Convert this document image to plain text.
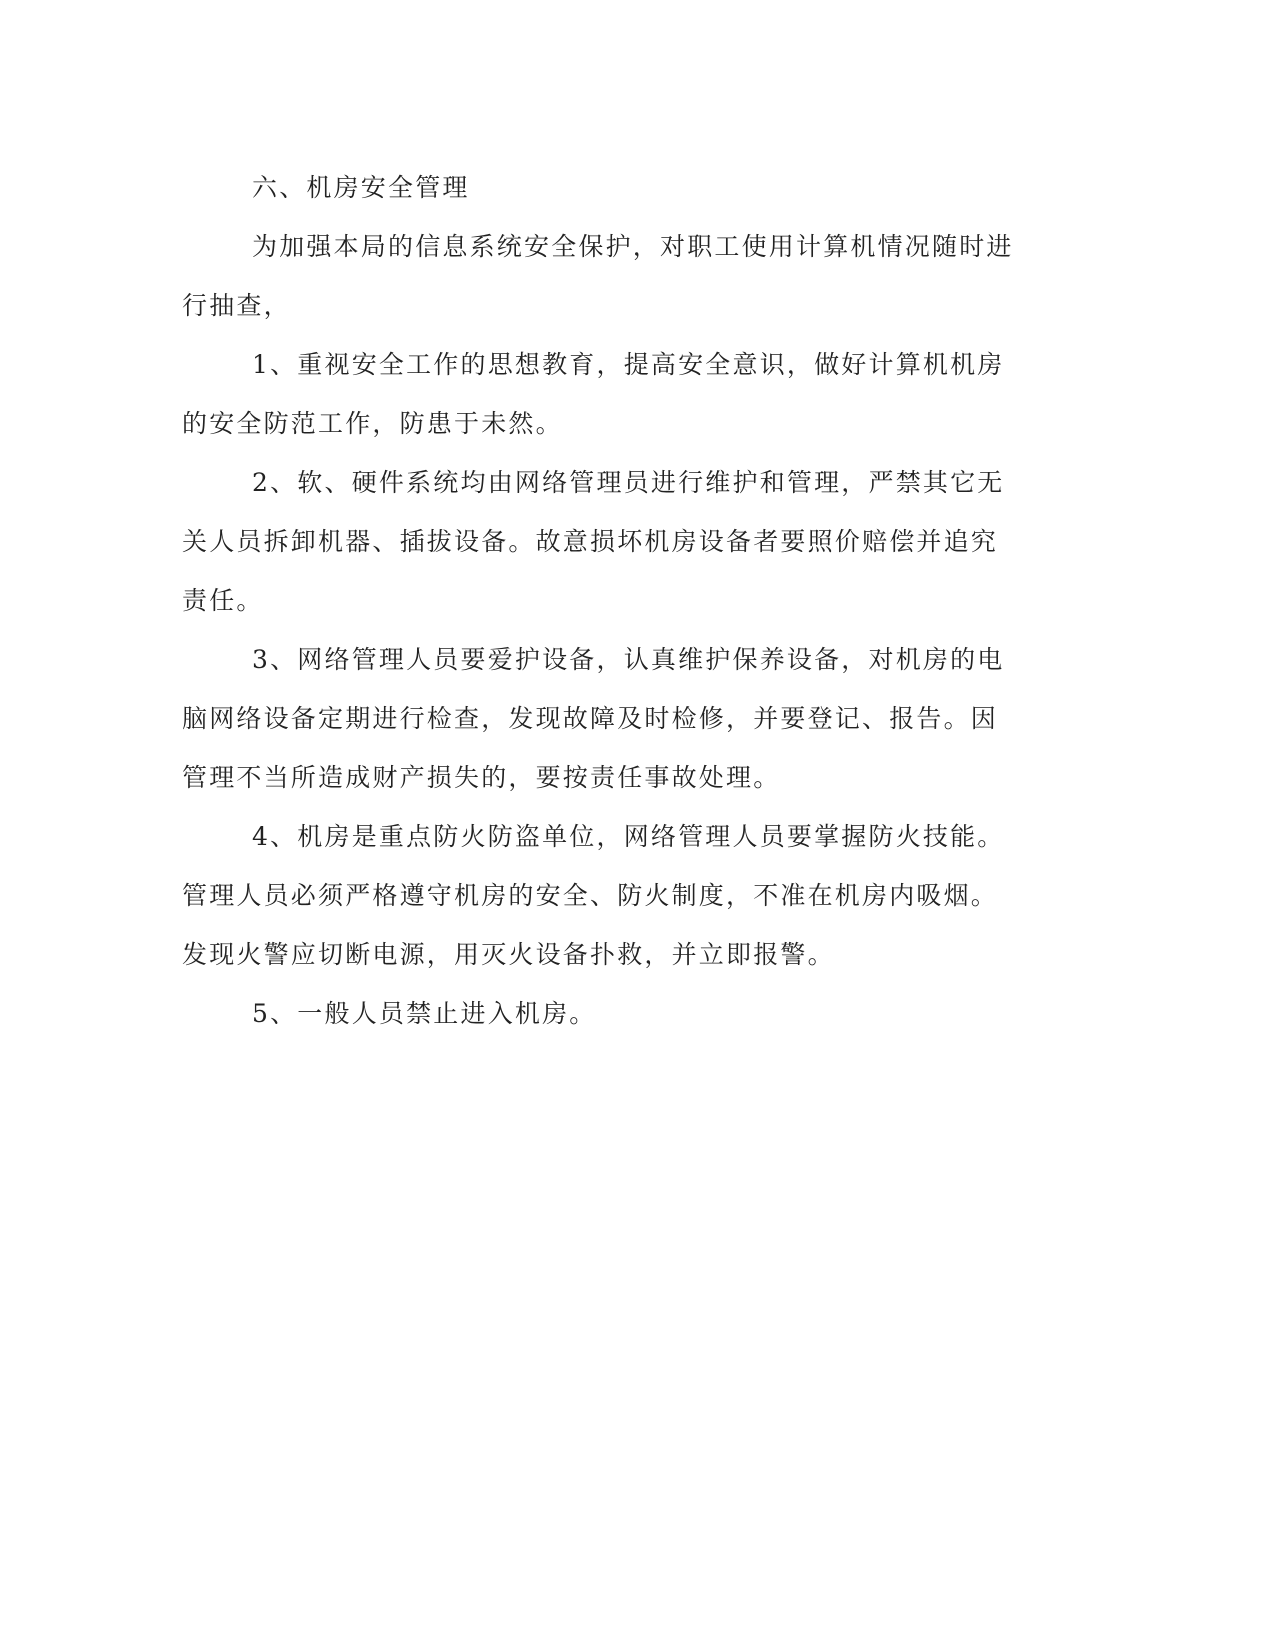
六、机房安全管理
为加强本局的信息系统安全保护，对职工使用计算机情况随时进
行抽查，
1、重视安全工作的思想教育，提高安全意识，做好计算机机房
的安全防范工作，防患于未然。
2、软、硬件系统均由网络管理员进行维护和管理，严禁其它无
关人员拆卸机器、插拔设备。故意损坏机房设备者要照价赔偿并追究
责任。
3、网络管理人员要爱护设备，认真维护保养设备，对机房的电
脑网络设备定期进行检查，发现故障及时检修，并要登记、报告。因
管理不当所造成财产损失的，要按责任事故处理。
4、机房是重点防火防盗单位，网络管理人员要掌握防火技能。
管理人员必须严格遵守机房的安全、防火制度，不准在机房内吸烟。
发现火警应切断电源，用灭火设备扑救，并立即报警。
5、一般人员禁止进入机房。
